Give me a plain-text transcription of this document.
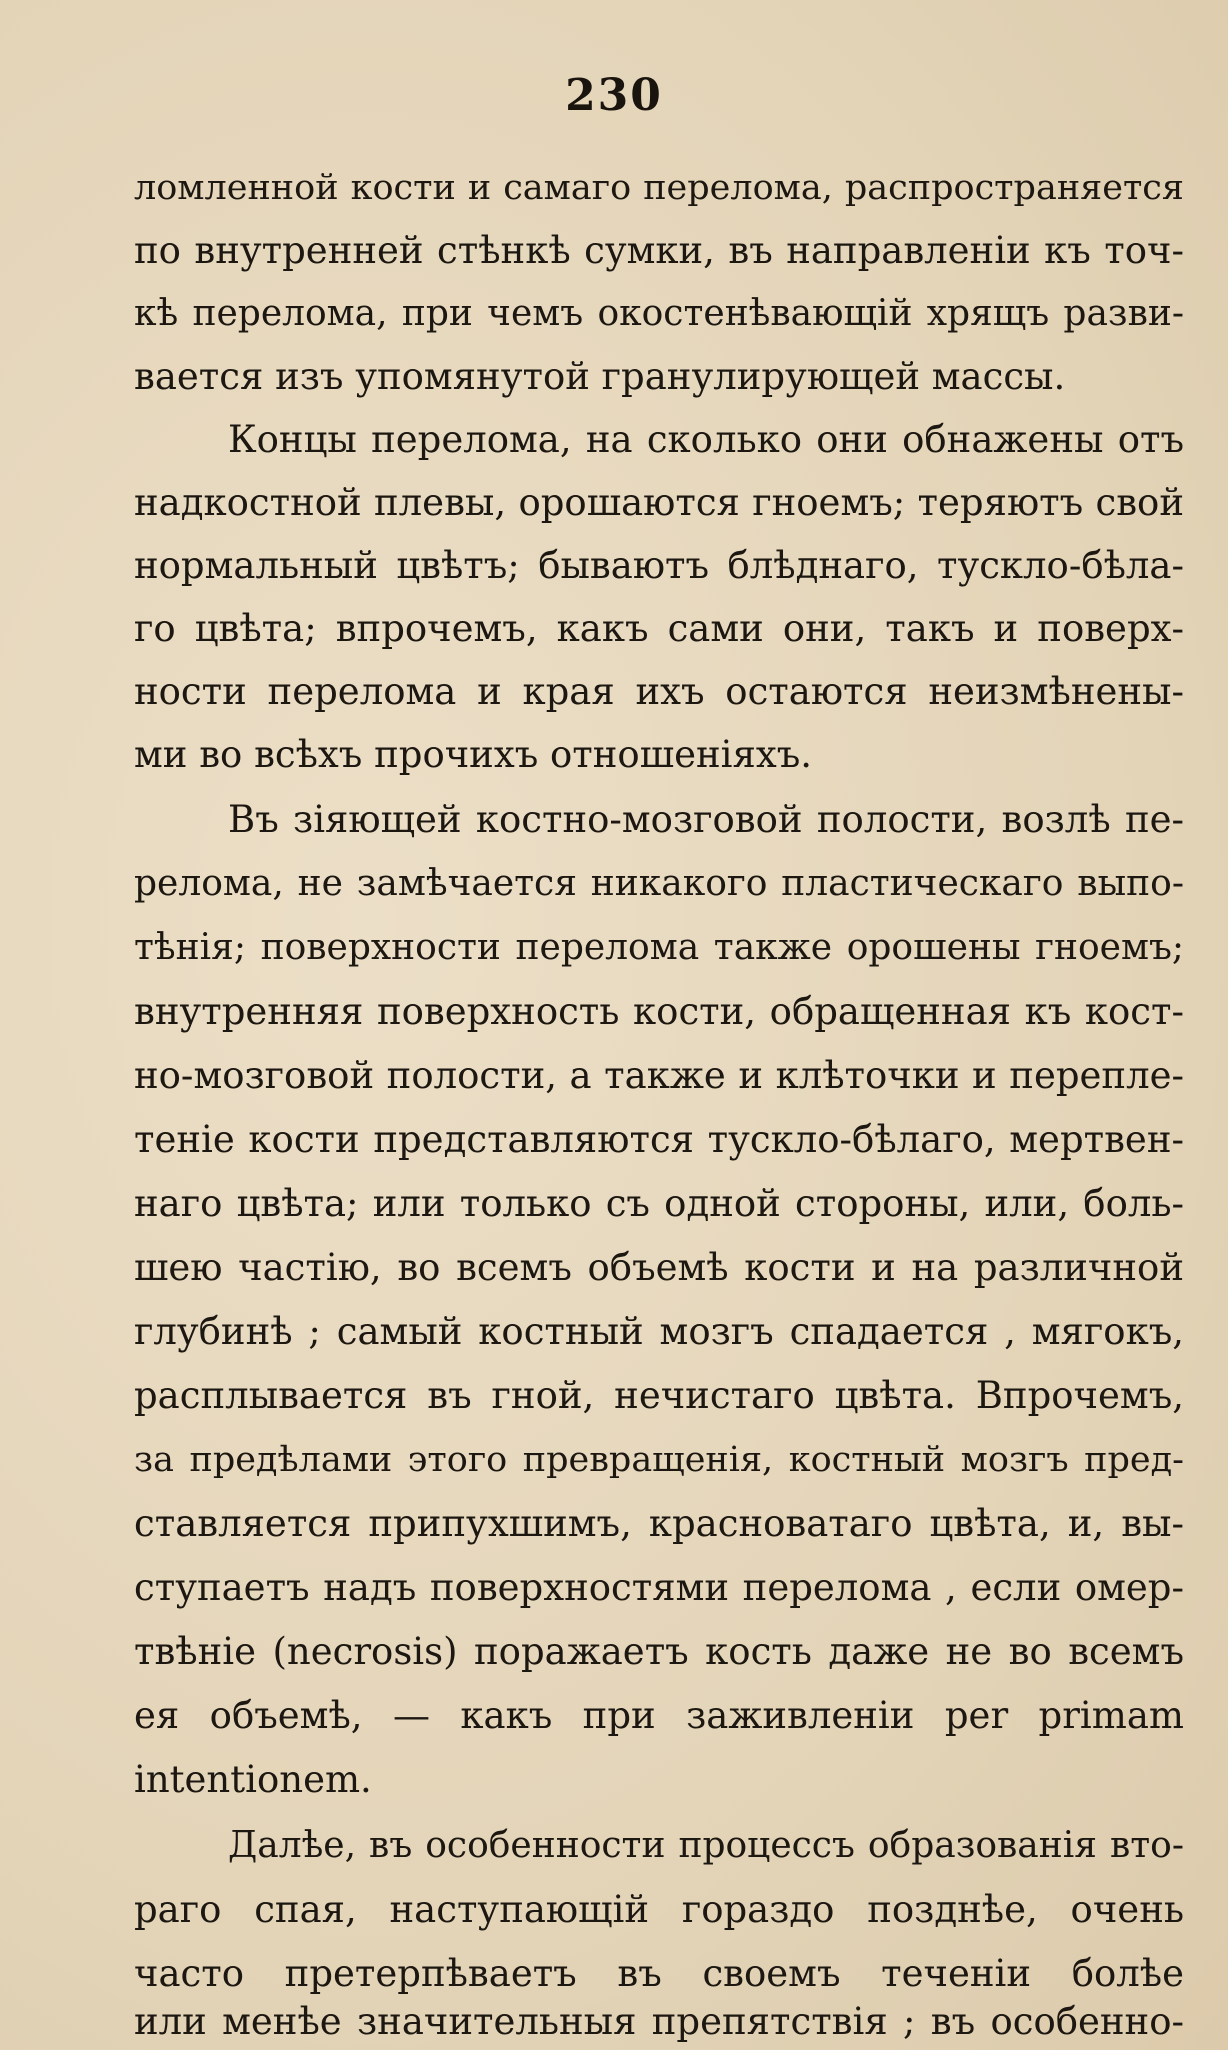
230
ломленной кости и самаго перелома, распространяется
по внутренней стѣнкѣ сумки, въ направленiи къ точ-
кѣ перелома, при чемъ окостенѣвающiй хрящъ разви-
вается изъ упомянутой гранулирующей массы.
Концы перелома, на сколько они обнажены отъ
надкостной плевы, орошаются гноемъ; теряютъ свой
нормальный цвѣтъ; бываютъ блѣднаго, тускло-бѣла-
го цвѣта; впрочемъ, какъ сами они, такъ и поверх-
ности перелома и края ихъ остаются неизмѣнены-
ми во всѣхъ прочихъ отношенiяхъ.
Въ зiяющей костно-мозговой полости, возлѣ пе-
релома, не замѣчается никакого пластическаго выпо-
тѣнiя; поверхности перелома также орошены гноемъ;
внутренняя поверхность кости, обращенная къ кост-
но-мозговой полости, а также и клѣточки и перепле-
тенiе кости представляются тускло-бѣлаго, мертвен-
наго цвѣта; или только съ одной стороны, или, боль-
шею частiю, во всемъ объемѣ кости и на различной
глубинѣ ; самый костный мозгъ спадается , мягокъ,
расплывается въ гной, нечистаго цвѣта. Впрочемъ,
за предѣлами этого превращенiя, костный мозгъ пред-
ставляется припухшимъ, красноватаго цвѣта, и, вы-
ступаетъ надъ поверхностями перелома , если омер-
твѣнiе (necrosis) поражаетъ кость даже не во всемъ
ея объемѣ, — какъ при заживленiи per primam
intentionem.
Далѣе, въ особенности процессъ образованiя вто-
раго спая, наступающiй гораздо позднѣе, очень
часто претерпѣваетъ въ своемъ теченiи болѣе
или менѣе значительныя препятствiя ; въ особенно-
